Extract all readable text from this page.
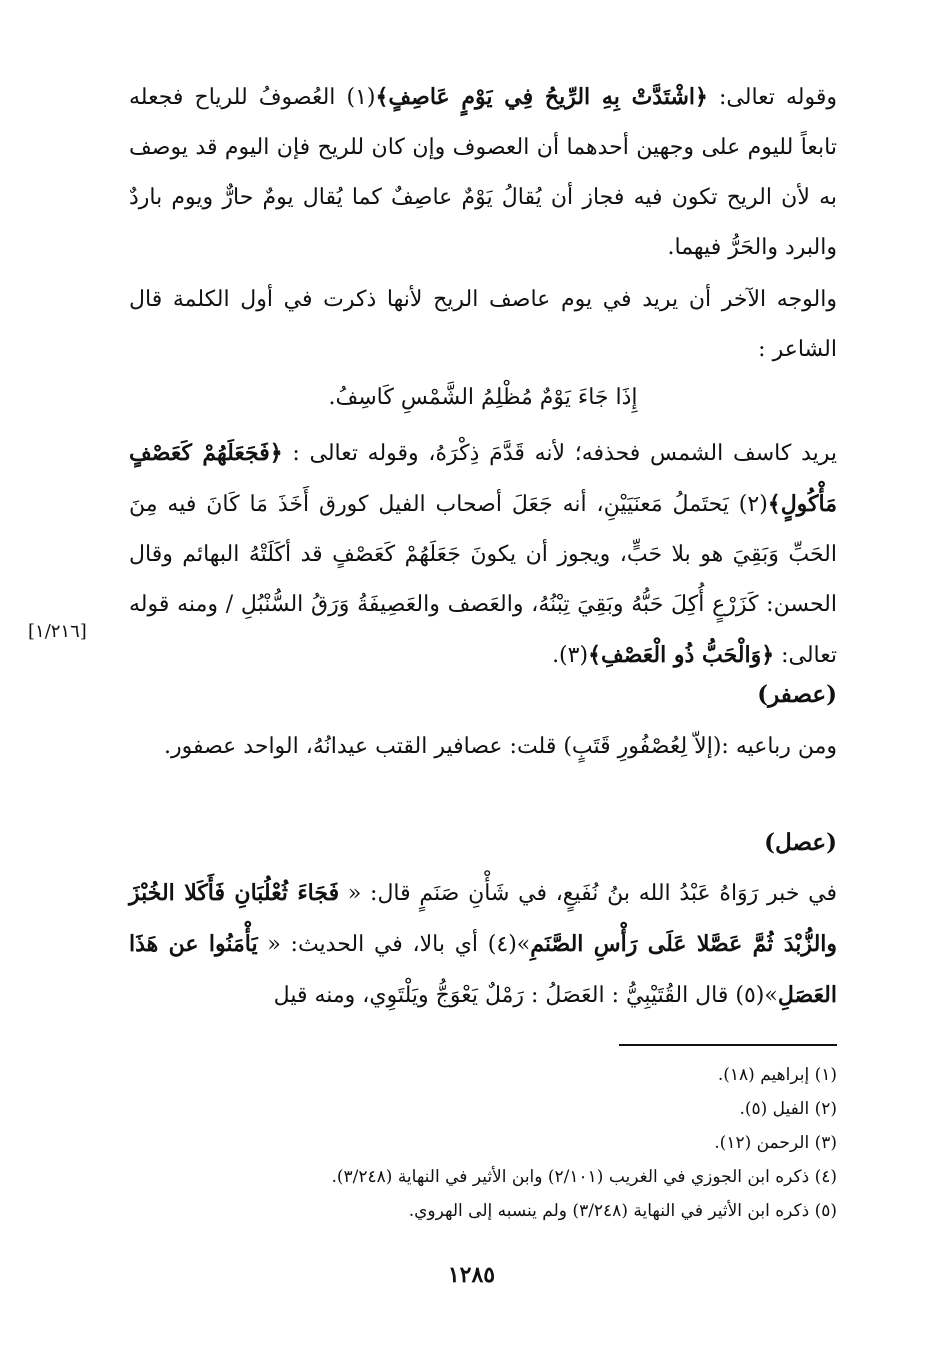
وقوله تعالى: ﴿اشْتَدَّتْ بِهِ الرِّيحُ فِي يَوْمٍ عَاصِفٍ﴾(١) العُصوفُ للرياح فجعله تابعاً لليوم على وجهين أحدهما أن العصوف وإن كان للريح فإن اليوم قد يوصف به لأن الريح تكون فيه فجاز أن يُقالُ يَوْمٌ عاصِفٌ كما يُقال يومٌ حارٌّ ويوم باردٌ والبرد والحَرُّ فيهما.

والوجه الآخر أن يريد في يوم عاصف الريح لأنها ذكرت في أول الكلمة قال الشاعر :

إِذَا جَاءَ يَوْمٌ مُظْلِمُ الشَّمْسِ كَاسِفُ.

يريد كاسف الشمس فحذفه؛ لأنه قَدَّمَ ذِكْرَهُ، وقوله تعالى : ﴿فَجَعَلَهُمْ كَعَصْفٍ مَأْكُولٍ﴾(٢) يَحتَملُ مَعنَيَيْنِ، أنه جَعَلَ أصحاب الفيل كورق أَخَذَ مَا كَانَ فيه مِنَ الحَبِّ وَبَقِيَ هو بلا حَبٍّ، ويجوز أن يكونَ جَعَلَهُمْ كَعَصْفٍ قد أكَلَتْهُ البهائم وقال الحسن: كَزَرْعٍ أُكِلَ حَبُّهُ وبَقِيَ تِبْنُهُ، والعَصف والعَصِيفَةُ وَرَقُ السُّنْبُلِ / ومنه قوله تعالى: ﴿وَالْحَبُّ ذُو الْعَصْفِ﴾(٣).

[١/٢١٦]
(عصفر)

ومن رباعيه :(إلاّ لِعُصْفُورِ قَتَبٍ) قلت: عصافير القتب عيدانُهُ، الواحد عصفور.

(عصل)

في خبر رَوَاهُ عَبْدُ الله بنُ نُفَيعٍ، في شَأْنِ صَنَمٍ قال: « فَجَاءَ ثُعْلُبَانِ فَأَكَلا الخُبْزَ والزُّبْدَ ثُمَّ عَصَّلا عَلَى رَأْسِ الصَّنَمِ»(٤) أي بالا، في الحديث: « يَأْمَنُوا عن هَذَا العَصَلِ»(٥) قال القُتَيْبِيُّ : العَصَلُ : رَمْلٌ يَعْوَجُّ ويَلْتَوِي، ومنه قيل

(١) إبراهيم (١٨).
(٢) الفيل (٥).
(٣) الرحمن (١٢).
(٤) ذكره ابن الجوزي في الغريب (٢/١٠١) وابن الأثير في النهاية (٣/٢٤٨).
(٥) ذكره ابن الأثير في النهاية (٣/٢٤٨) ولم ينسبه إلى الهروي.
١٢٨٥
